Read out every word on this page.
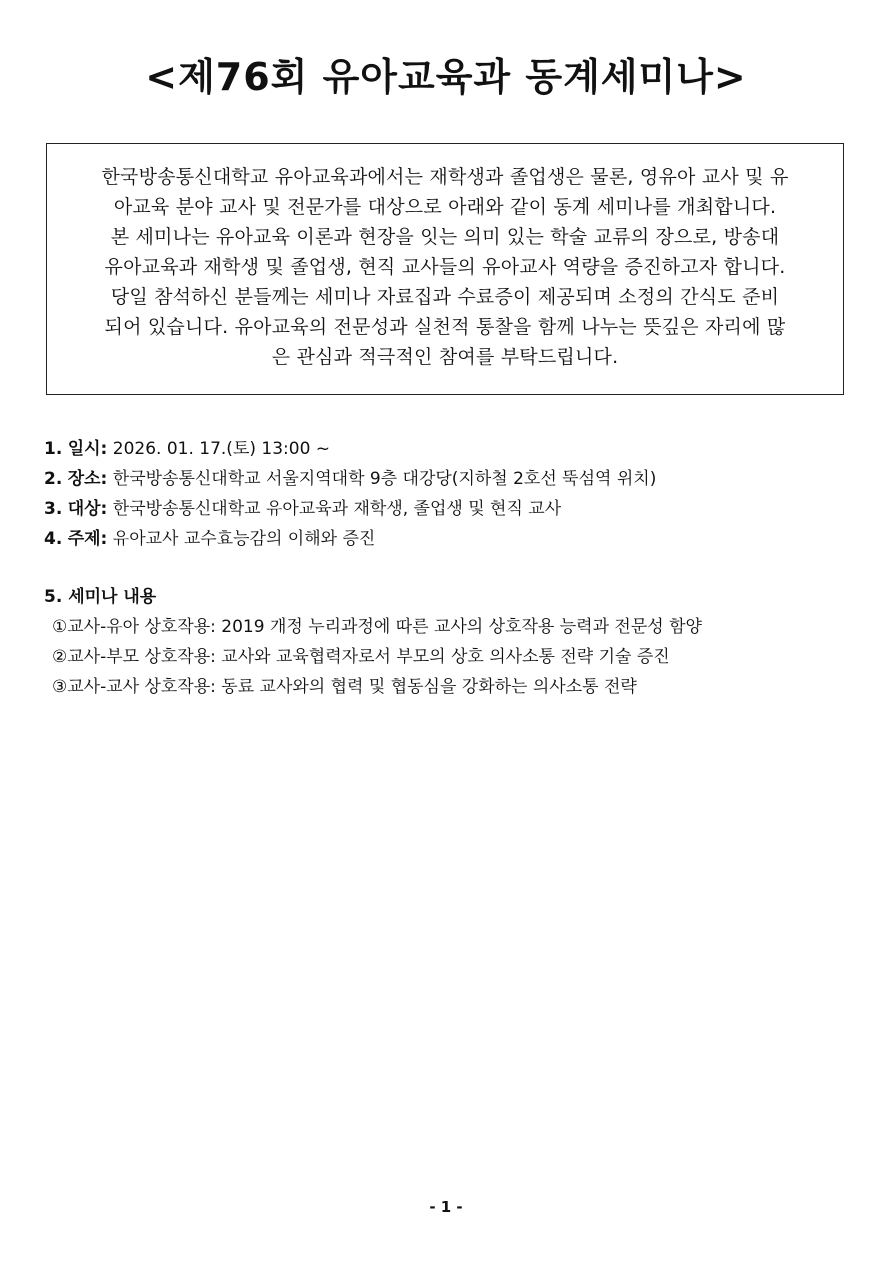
<제76회 유아교육과 동계세미나>
한국방송통신대학교 유아교육과에서는 재학생과 졸업생은 물론, 영유아 교사 및 유
아교육 분야 교사 및 전문가를 대상으로 아래와 같이 동계 세미나를 개최합니다.
본 세미나는 유아교육 이론과 현장을 잇는 의미 있는 학술 교류의 장으로, 방송대
유아교육과 재학생 및 졸업생, 현직 교사들의 유아교사 역량을 증진하고자 합니다.
당일 참석하신 분들께는 세미나 자료집과 수료증이 제공되며 소정의 간식도 준비
되어 있습니다. 유아교육의 전문성과 실천적 통찰을 함께 나누는 뜻깊은 자리에 많
은 관심과 적극적인 참여를 부탁드립니다.
1. 일시: 2026. 01. 17.(토) 13:00 ~
2. 장소: 한국방송통신대학교 서울지역대학 9층 대강당(지하철 2호선 뚝섬역 위치)
3. 대상: 한국방송통신대학교 유아교육과 재학생, 졸업생 및 현직 교사
4. 주제: 유아교사 교수효능감의 이해와 증진
5. 세미나 내용
①교사-유아 상호작용: 2019 개정 누리과정에 따른 교사의 상호작용 능력과 전문성 함양
②교사-부모 상호작용: 교사와 교육협력자로서 부모의 상호 의사소통 전략 기술 증진
③교사-교사 상호작용: 동료 교사와의 협력 및 협동심을 강화하는 의사소통 전략
- 1 -
